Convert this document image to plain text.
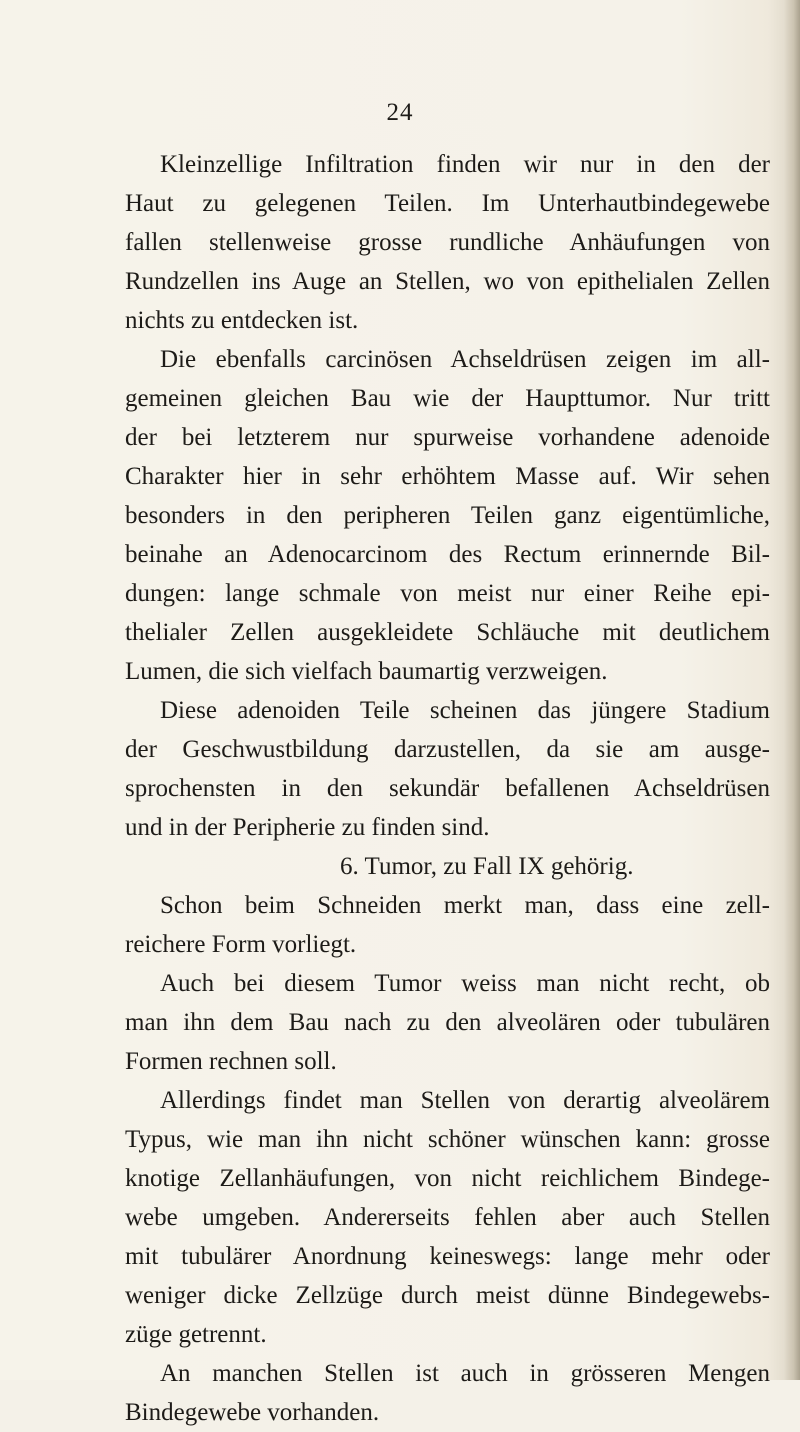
24
Kleinzellige Infiltration finden wir nur in den der
Haut zu gelegenen Teilen. Im Unterhautbindegewebe
fallen stellenweise grosse rundliche Anhäufungen von
Rundzellen ins Auge an Stellen, wo von epithelialen Zellen
nichts zu entdecken ist.
Die ebenfalls carcinösen Achseldrüsen zeigen im all-
gemeinen gleichen Bau wie der Haupttumor. Nur tritt
der bei letzterem nur spurweise vorhandene adenoide
Charakter hier in sehr erhöhtem Masse auf. Wir sehen
besonders in den peripheren Teilen ganz eigentümliche,
beinahe an Adenocarcinom des Rectum erinnernde Bil-
dungen: lange schmale von meist nur einer Reihe epi-
thelialer Zellen ausgekleidete Schläuche mit deutlichem
Lumen, die sich vielfach baumartig verzweigen.
Diese adenoiden Teile scheinen das jüngere Stadium
der Geschwustbildung darzustellen, da sie am ausge-
sprochensten in den sekundär befallenen Achseldrüsen
und in der Peripherie zu finden sind.
6. Tumor, zu Fall IX gehörig.
Schon beim Schneiden merkt man, dass eine zell-
reichere Form vorliegt.
Auch bei diesem Tumor weiss man nicht recht, ob
man ihn dem Bau nach zu den alveolären oder tubulären
Formen rechnen soll.
Allerdings findet man Stellen von derartig alveolärem
Typus, wie man ihn nicht schöner wünschen kann: grosse
knotige Zellanhäufungen, von nicht reichlichem Bindege-
webe umgeben. Andererseits fehlen aber auch Stellen
mit tubulärer Anordnung keineswegs: lange mehr oder
weniger dicke Zellzüge durch meist dünne Bindegewebs-
züge getrennt.
An manchen Stellen ist auch in grösseren Mengen
Bindegewebe vorhanden.
